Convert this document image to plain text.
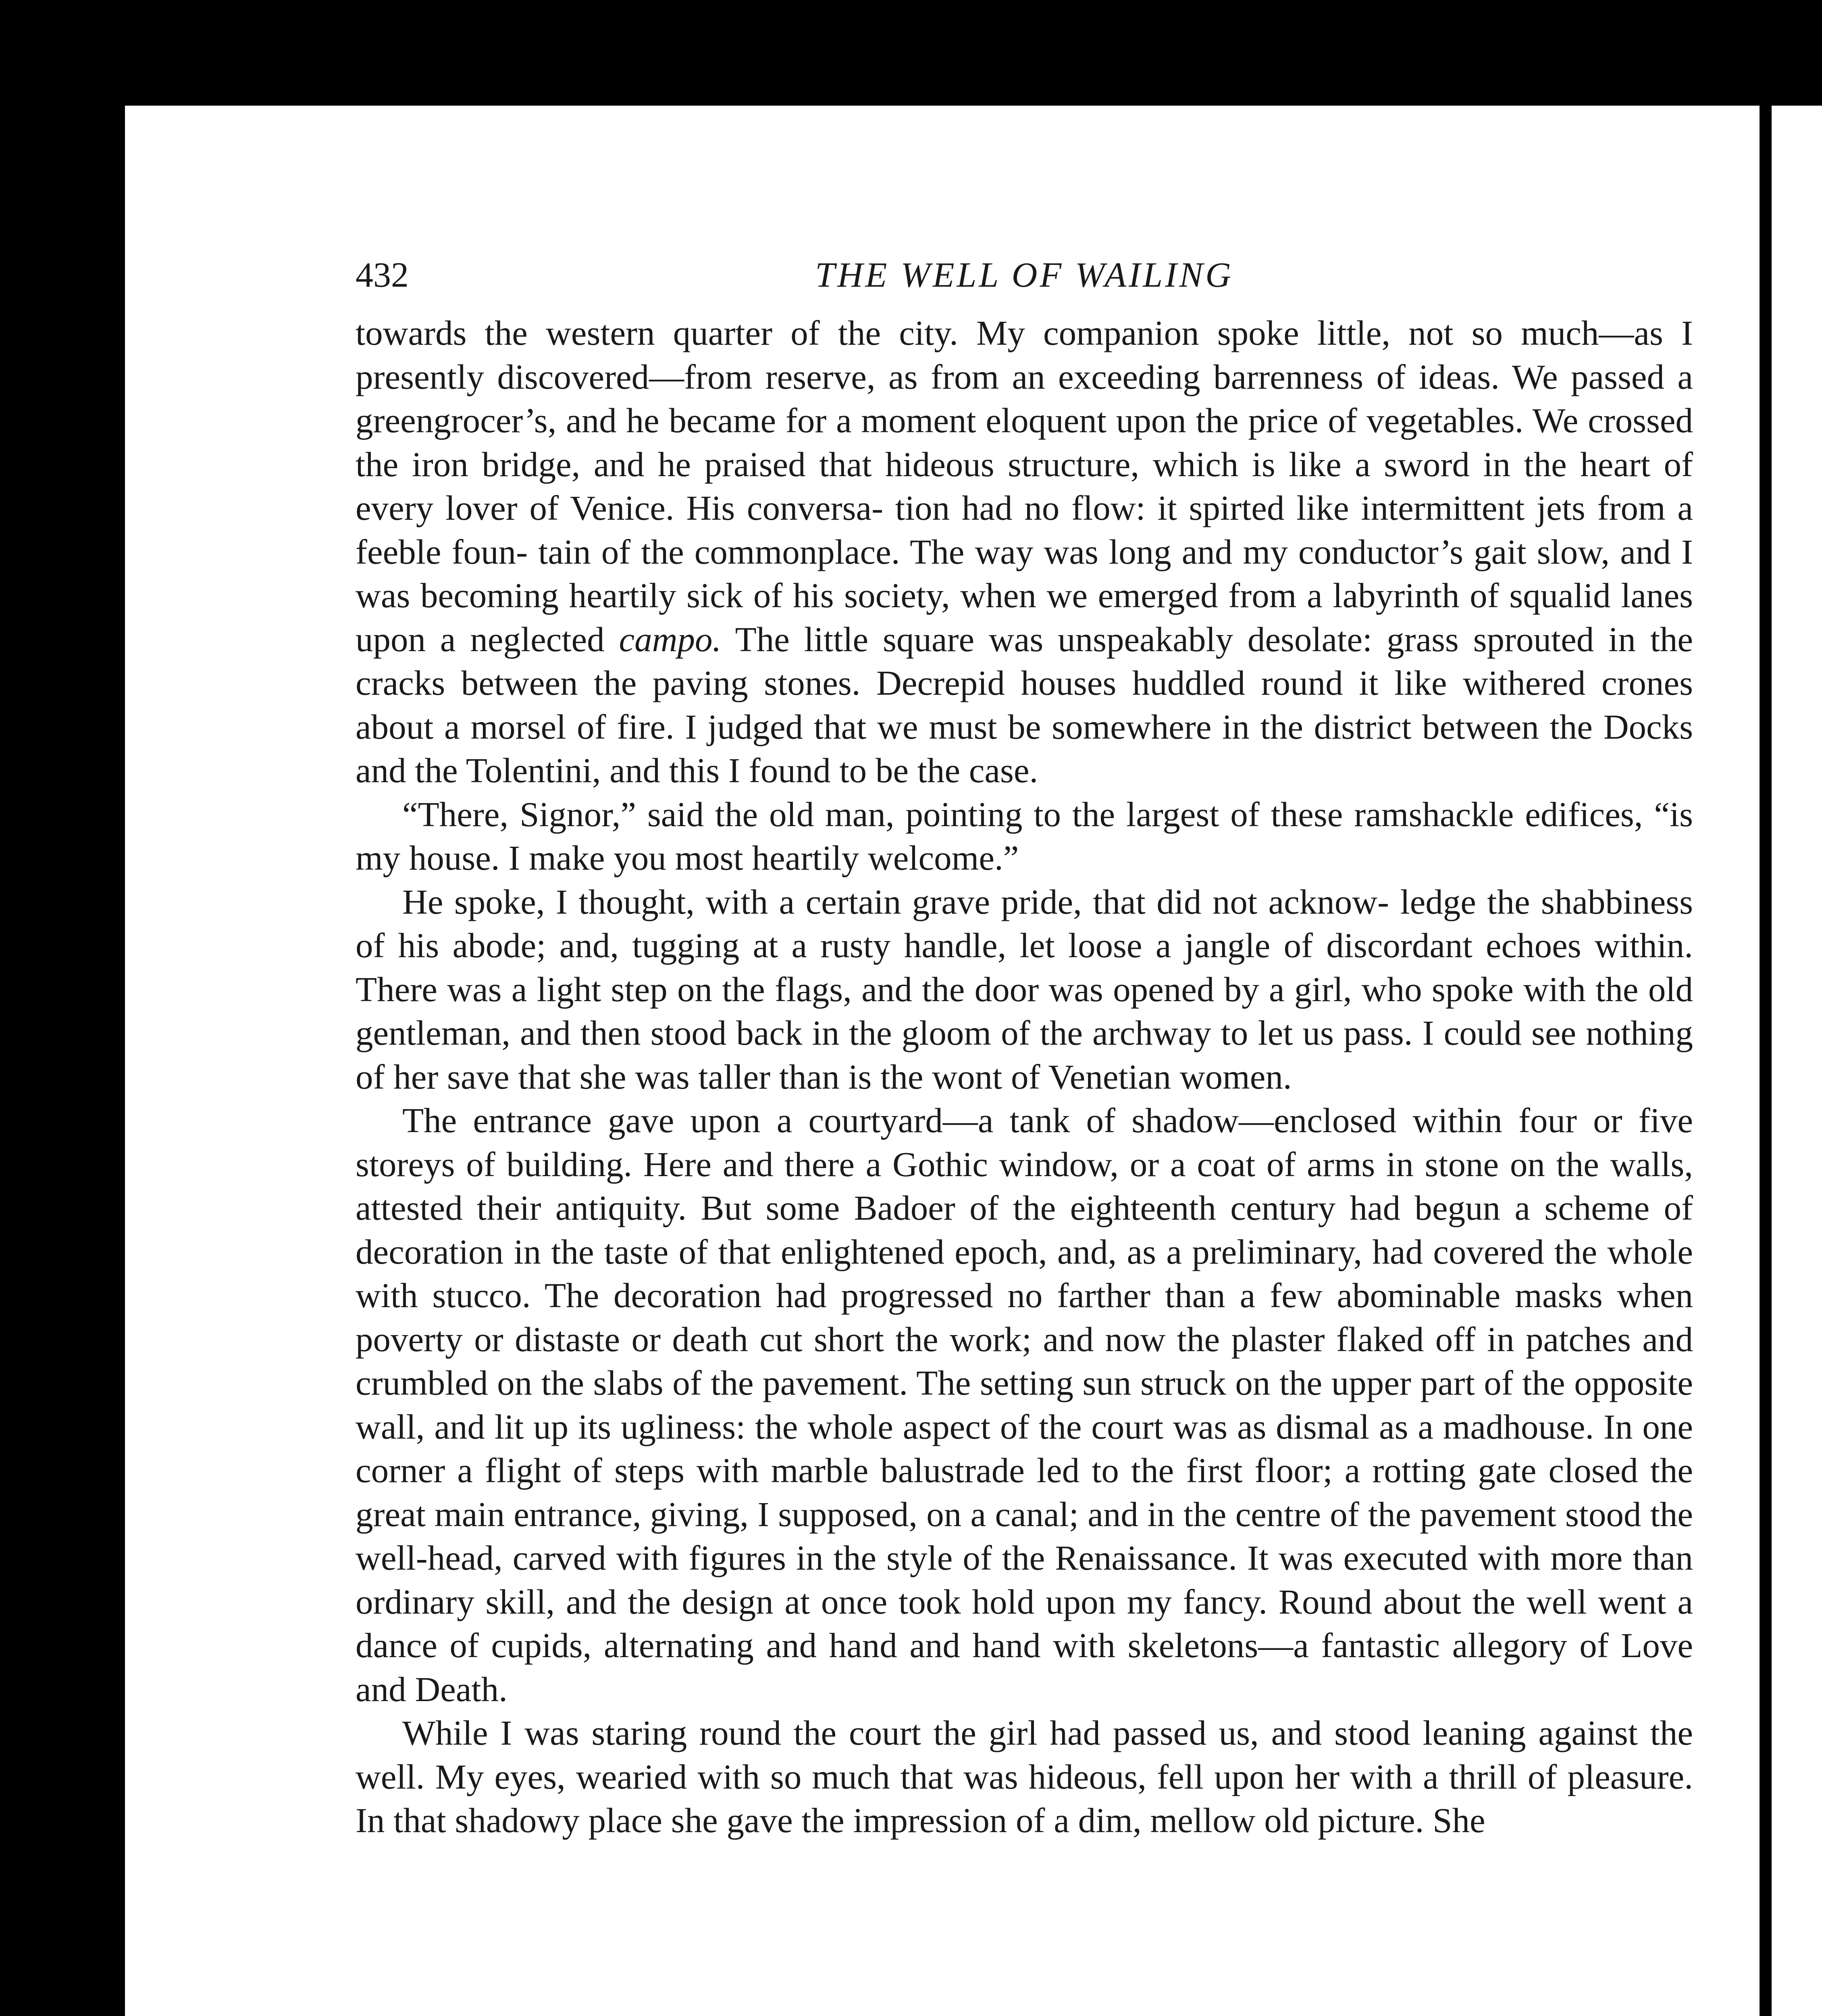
432	THE WELL OF WAILING

towards the western quarter of the city. My companion spoke little, not so much—as I presently discovered—from reserve, as from an exceeding barrenness of ideas. We passed a greengrocer’s, and he became for a moment eloquent upon the price of vegetables. We crossed the iron bridge, and he praised that hideous structure, which is like a sword in the heart of every lover of Venice. His conversa- tion had no flow: it spirted like intermittent jets from a feeble foun- tain of the commonplace. The way was long and my conductor’s gait slow, and I was becoming heartily sick of his society, when we emerged from a labyrinth of squalid lanes upon a neglected campo. The little square was unspeakably desolate: grass sprouted in the cracks between the paving stones. Decrepid houses huddled round it like withered crones about a morsel of fire. I judged that we must be somewhere in the district between the Docks and the Tolentini, and this I found to be the case.

“There, Signor,” said the old man, pointing to the largest of these ramshackle edifices, “is my house. I make you most heartily welcome.”

He spoke, I thought, with a certain grave pride, that did not acknow- ledge the shabbiness of his abode; and, tugging at a rusty handle, let loose a jangle of discordant echoes within. There was a light step on the flags, and the door was opened by a girl, who spoke with the old gentleman, and then stood back in the gloom of the archway to let us pass. I could see nothing of her save that she was taller than is the wont of Venetian women.

The entrance gave upon a courtyard—a tank of shadow—enclosed within four or five storeys of building. Here and there a Gothic window, or a coat of arms in stone on the walls, attested their antiquity. But some Badoer of the eighteenth century had begun a scheme of decoration in the taste of that enlightened epoch, and, as a preliminary, had covered the whole with stucco. The decoration had progressed no farther than a few abominable masks when poverty or distaste or death cut short the work; and now the plaster flaked off in patches and crumbled on the slabs of the pavement. The setting sun struck on the upper part of the opposite wall, and lit up its ugliness: the whole aspect of the court was as dismal as a madhouse. In one corner a flight of steps with marble balustrade led to the first floor; a rotting gate closed the great main entrance, giving, I supposed, on a canal; and in the centre of the pavement stood the well-head, carved with figures in the style of the Renaissance. It was executed with more than ordinary skill, and the design at once took hold upon my fancy. Round about the well went a dance of cupids, alternating and hand and hand with skeletons—a fantastic allegory of Love and Death.

While I was staring round the court the girl had passed us, and stood leaning against the well. My eyes, wearied with so much that was hideous, fell upon her with a thrill of pleasure. In that shadowy place she gave the impression of a dim, mellow old picture. She
